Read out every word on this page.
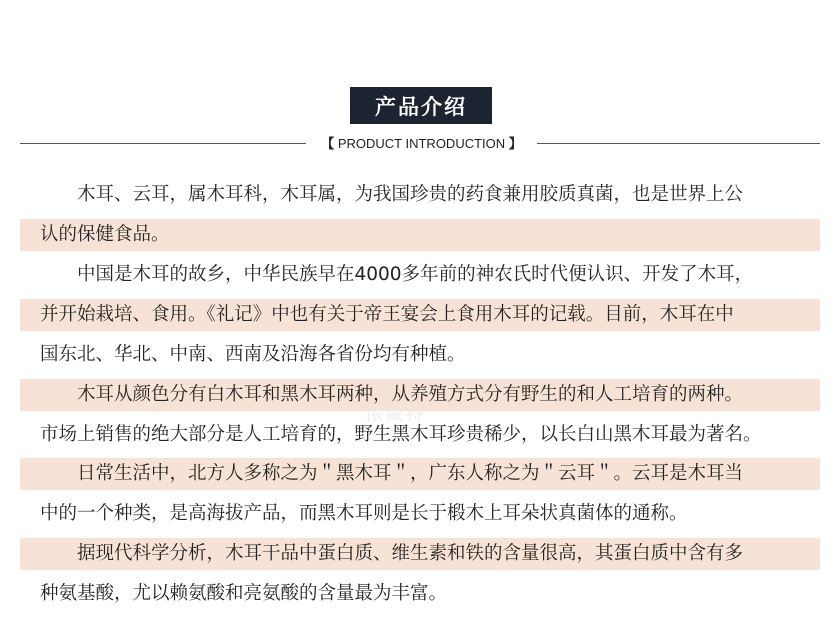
产品介绍
【 PRODUCT INTRODUCTION 】
浓威特
　　木耳、云耳，属木耳科，木耳属，为我国珍贵的药食兼用胶质真菌，也是世界上公
认的保健食品。
　　中国是木耳的故乡，中华民族早在4000多年前的神农氏时代便认识、开发了木耳，
并开始栽培、食用。《礼记》中也有关于帝王宴会上食用木耳的记载。目前，木耳在中
国东北、华北、中南、西南及沿海各省份均有种植。
　　木耳从颜色分有白木耳和黑木耳两种，从养殖方式分有野生的和人工培育的两种。
市场上销售的绝大部分是人工培育的，野生黑木耳珍贵稀少，以长白山黑木耳最为著名。
　　日常生活中，北方人多称之为＂黑木耳＂，广东人称之为＂云耳＂。云耳是木耳当
中的一个种类，是高海拔产品，而黑木耳则是长于椴木上耳朵状真菌体的通称。
　　据现代科学分析，木耳干品中蛋白质、维生素和铁的含量很高，其蛋白质中含有多
种氨基酸，尤以赖氨酸和亮氨酸的含量最为丰富。
